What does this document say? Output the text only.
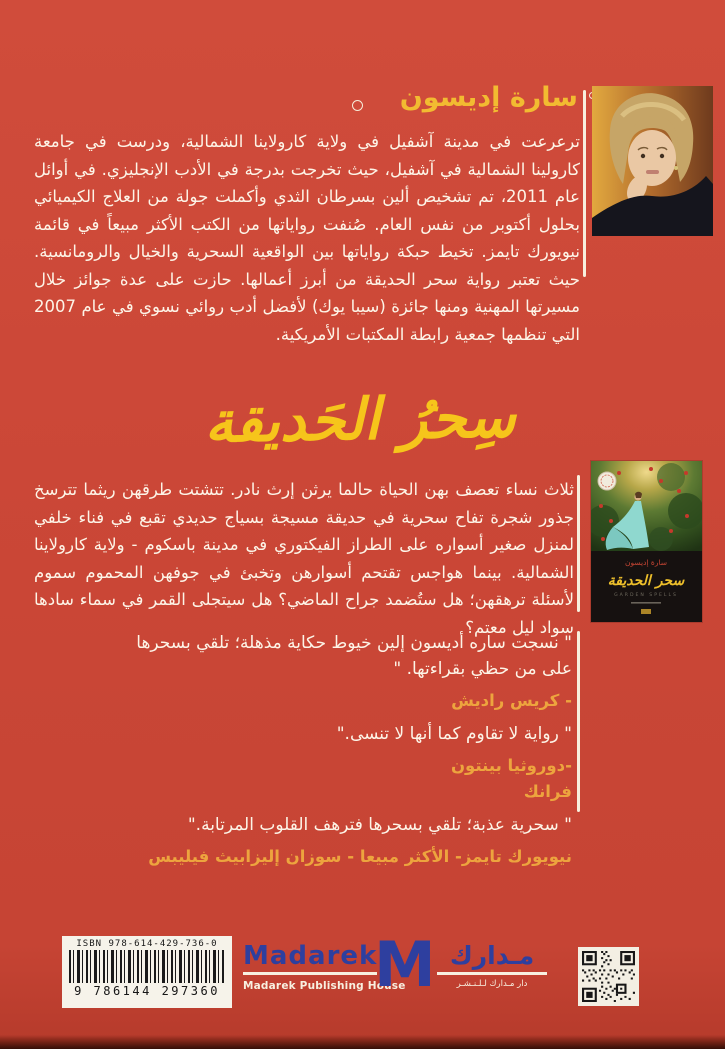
سارة إديسون
ترعرعت في مدينة آشفيل في ولاية كارولاينا الشمالية، ودرست في جامعة كارولينا الشمالية في آشفيل، حيث تخرجت بدرجة في الأدب الإنجليزي. في أوائل عام 2011، تم تشخيص ألين بسرطان الثدي وأكملت جولة من العلاج الكيميائي بحلول أكتوبر من نفس العام. صُنفت رواياتها من الكتب الأكثر مبيعاً في قائمة نيويورك تايمز. تخيط حبكة رواياتها بين الواقعية السحرية والخيال والرومانسية. حيث تعتبر رواية سحر الحديقة من أبرز أعمالها. حازت على عدة جوائز خلال مسيرتها المهنية ومنها جائزة (سيبا يوك) لأفضل أدب روائي نسوي في عام 2007 التي تنظمها جمعية رابطة المكتبات الأمريكية.
سِحرُ الحَديقة
ثلاث نساء تعصف بهن الحياة حالما يرثن إرث نادر. تتشتت طرقهن ريثما تترسخ جذور شجرة تفاح سحرية في حديقة مسيجة بسياج حديدي تقبع في فناء خلفي لمنزل صغير أسواره على الطراز الفيكتوري في مدينة باسكوم - ولاية كارولاينا الشمالية. بينما هواجس تقتحم أسوارهن وتخبئ في جوفهن المحموم سموم لأسئلة ترهقهن؛ هل ستُضمد جراح الماضي؟ هل سيتجلى القمر في سماء سادها سواد ليل معتم؟
سارة إديسون
سحر الحديقة
GARDEN SPELLS
" نسجت ساره أديسون إلين خيوط حكاية مذهلة؛ تلقي بسحرها على من حظي بقراءتها. "
- كريس راديش
" رواية لا تقاوم كما أنها لا تنسى."
-دوروثيا بينتون فرانك
" سحرية عذبة؛ تلقي بسحرها فترهف القلوب المرتابة."
نيويورك تايمز- الأكثر مبيعا - سوزان إليزابيث فيليبس
ISBN 978-614-429-736-0
9 786144 297360
Madarek
Madarek Publishing House
M مـدارك
دار مـدارك لـلـنـشـر
